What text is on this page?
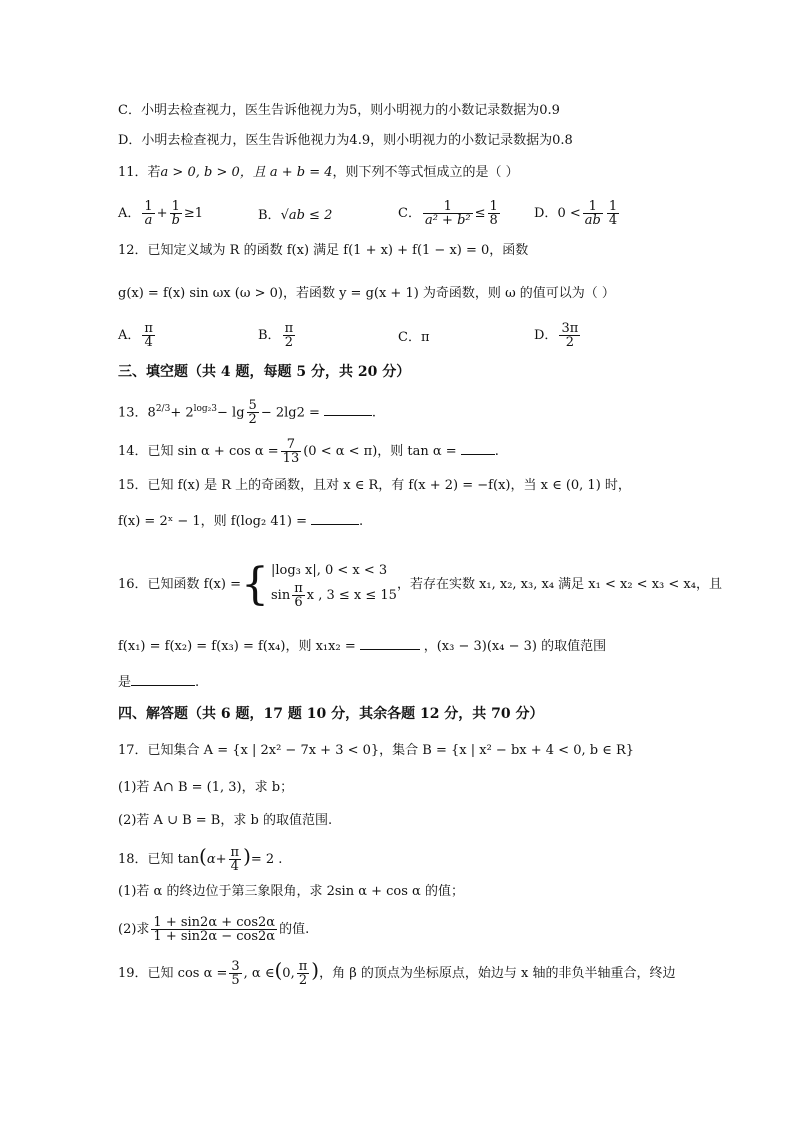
C．小明去检查视力，医生告诉他视力为5，则小明视力的小数记录数据为0.9
D．小明去检查视力，医生告诉他视力为4.9，则小明视力的小数记录数据为0.8
11．若a > 0, b > 0，且 a + b = 4，则下列不等式恒成立的是（ ）
A． $\frac{1}{a} + \frac{1}{b} \ge 1$	B．√ab ≤ 2	C． $\frac{1}{\text{a² + b²}} \le \frac{1}{8}$	D．$0 < \frac{1}{ab} \frac{1}{4}$
12．已知定义域为 R 的函数 f(x) 满足 f(1 + x) + f(1 − x) = 0，函数
g(x) = f(x) sin ωx (ω > 0)，若函数 y = g(x + 1) 为奇函数，则 ω 的值可以为（ ）
A． $\frac{\pi}{4}$	B． $\frac{\pi}{2}$	C．π	D． $\frac{3\pi}{2}$
三、填空题（共 4 题，每题 5 分，共 20 分）
13．$8^{2/3}+ 2^{log_23}- \lg \frac{5}{2} - 2\lg 2$ =	.
14．已知 $\sin \alpha + \cos \alpha = \frac{7}{13} (0 < \alpha < \pi)$，则 tan α =	.
15．已知 f(x) 是 R 上的奇函数，且对 x ∈ R，有 f(x + 2) = −f(x)，当 x ∈ (0, 1) 时，
f(x) = 2ˣ − 1，则 f(log₂ 41) =	.
16．已知函数 f(x) ={ |log₃ x|, 0 < x < 3
$\sin \frac{\pi}{6}$ x , 3 ≤ x ≤ 15
，若存在实数 x₁, x₂, x₃, x₄ 满足 x₁ < x₂ < x₃ < x₄，且
f(x₁) = f(x₂) = f(x₃) = f(x₄)，则 x₁x₂ =	，(x₃ − 3)(x₄ − 3) 的取值范围
是	.
四、解答题（共 6 题，17 题 10 分，其余各题 12 分，共 70 分）
17．已知集合 A = {x | 2x² − 7x + 3 < 0}，集合 B = {x | x² − bx + 4 < 0, b ∈ R}
(1)若 A∩ B = (1, 3)，求 b；
(2)若 A ∪ B = B，求 b 的取值范围.
18．已知 $\tan(\alpha+ \frac{\pi}{4}$ )= 2 .
(1)若 α 的终边位于第三象限角，求 2sin α + cos α 的值；
(2)求 $\frac{1 + \sin 2\alpha + \cos 2\alpha}{1 + \sin 2\alpha - \cos 2\alpha}$ 的值.
19．已知 $\cos \alpha = \frac{3}{5}$ , α ∈(0, $\frac{\pi}{2}$ )，角 β 的顶点为坐标原点，始边与 x 轴的非负半轴重合，终边
